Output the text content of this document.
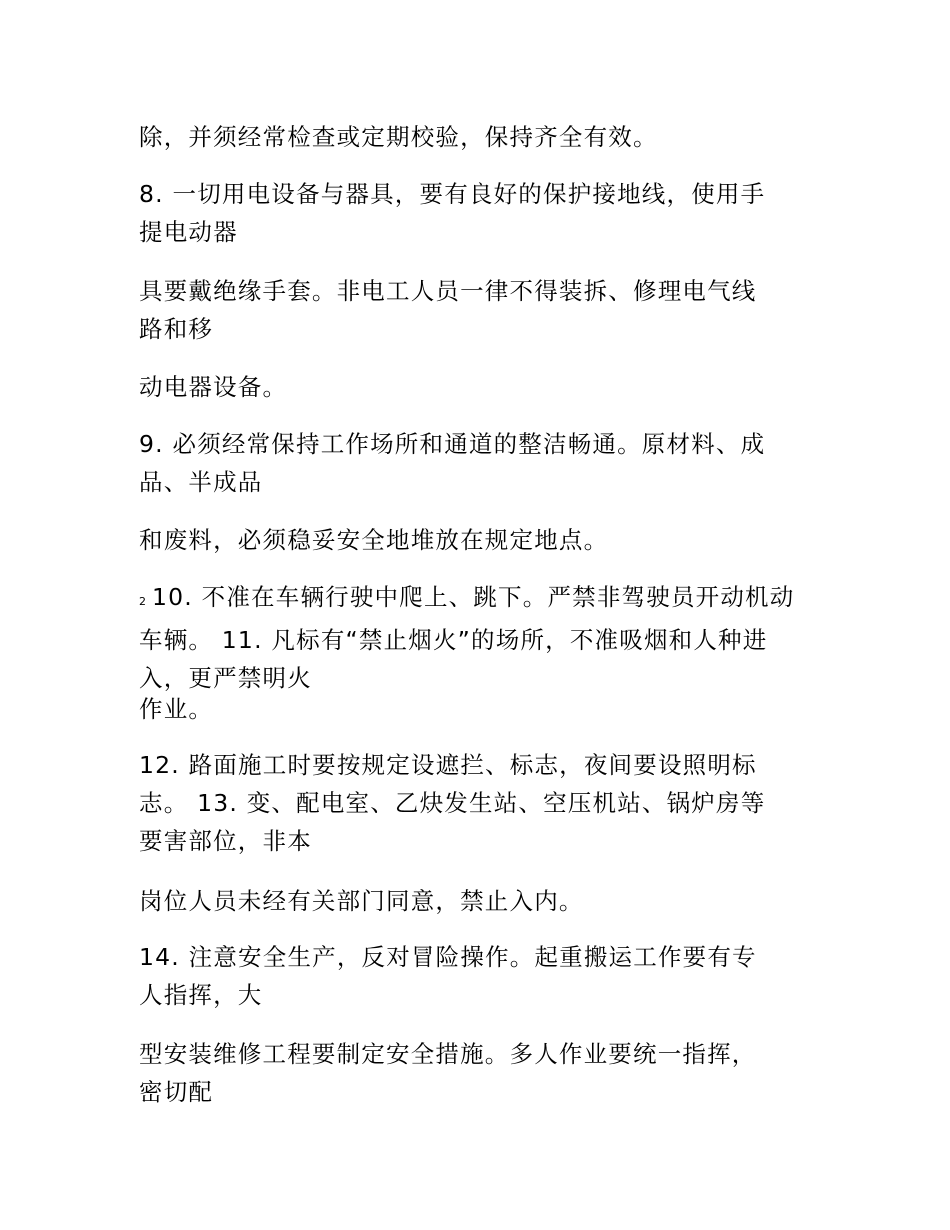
除，并须经常检查或定期校验，保持齐全有效。
8. 一切用电设备与器具，要有良好的保护接地线，使用手
提电动器
具要戴绝缘手套。非电工人员一律不得装拆、修理电气线
路和移
动电器设备。
9. 必须经常保持工作场所和通道的整洁畅通。原材料、成
品、半成品
和废料，必须稳妥安全地堆放在规定地点。
2 10. 不准在车辆行驶中爬上、跳下。严禁非驾驶员开动机动
车辆。 11. 凡标有“禁止烟火”的场所，不准吸烟和人种进
入，更严禁明火
作业。
12. 路面施工时要按规定设遮拦、标志，夜间要设照明标
志。 13. 变、配电室、乙炔发生站、空压机站、锅炉房等
要害部位，非本
岗位人员未经有关部门同意，禁止入内。
14. 注意安全生产，反对冒险操作。起重搬运工作要有专
人指挥，大
型安装维修工程要制定安全措施。多人作业要统一指挥，
密切配
